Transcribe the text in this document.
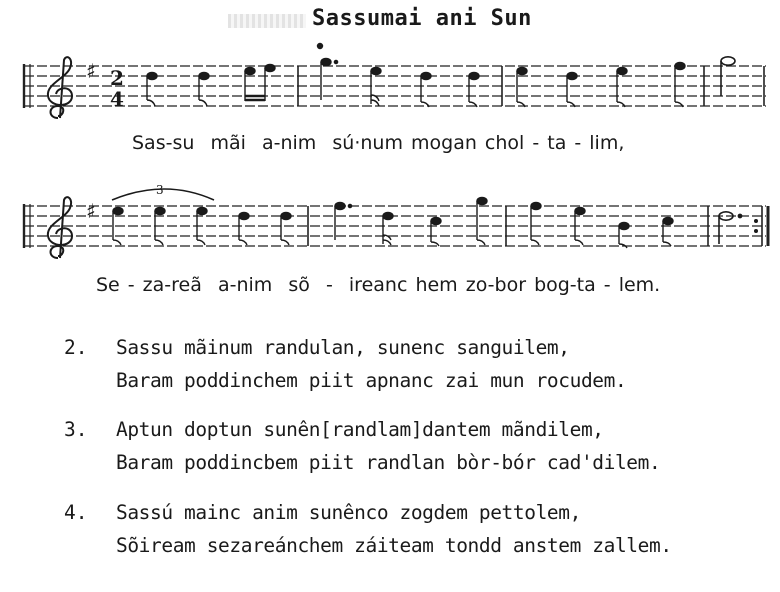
Sassumai ani Sun
♯ 2
4
Sas-su  mãi  a-nim  sú·num mogan chol - ta - lim,
♯
3
Se - za-reã  a-nim  sõ  -  ireanc hem zo-bor bog-ta - lem.
2. Sassu mãinum randulan, sunenc sanguilem,
Baram poddinchem piit apnanc zai mun rocudem.
3. Aptun doptun sunên[randlam]dantem mãndilem,
Baram poddincbem piit randlan bòr-bór cad'dilem.
4. Sassú mainc anim sunênco zogdem pettolem,
Sõiream sezareánchem záiteam tondd anstem zallem.
